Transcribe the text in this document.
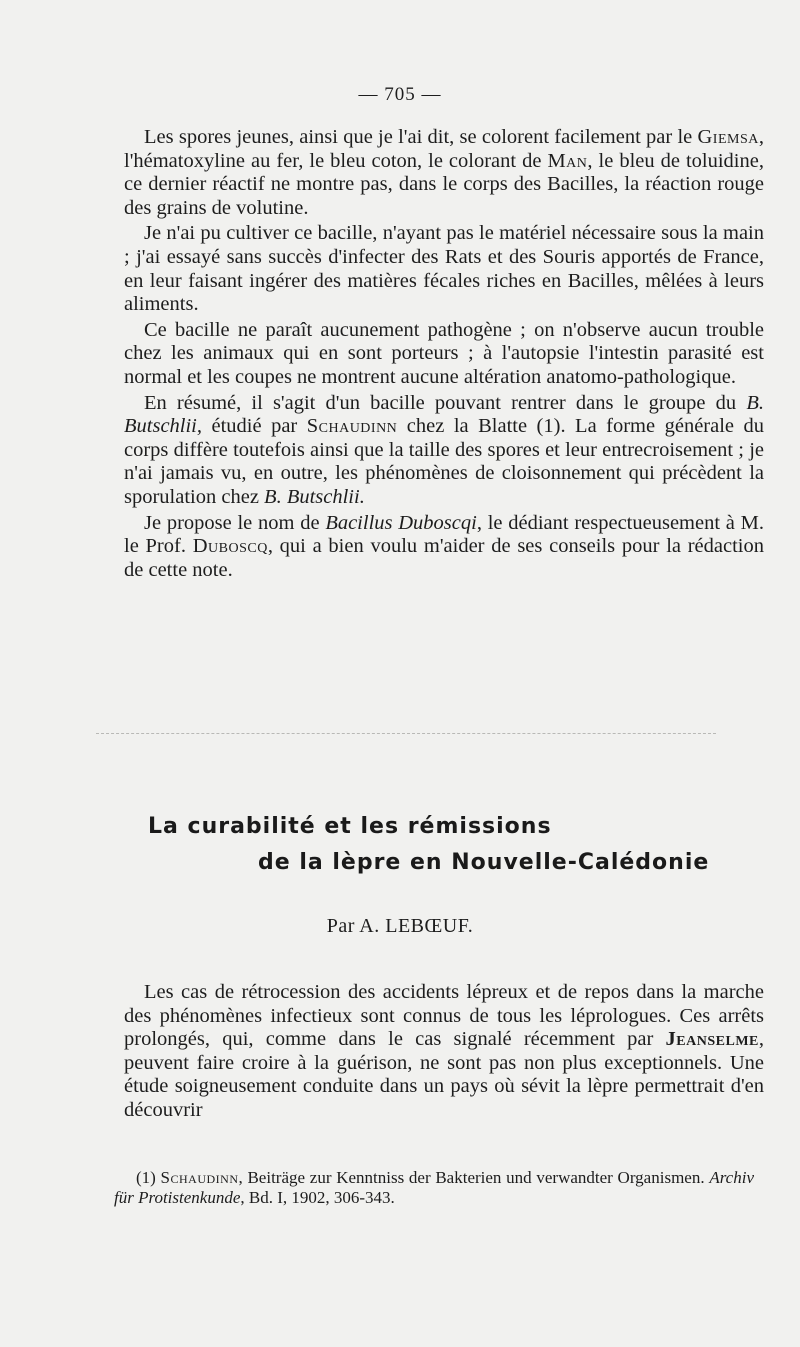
— 705 —

Les spores jeunes, ainsi que je l'ai dit, se colorent facilement par le Giemsa, l'hématoxyline au fer, le bleu coton, le colorant de Man, le bleu de toluidine, ce dernier réactif ne montre pas, dans le corps des Bacilles, la réaction rouge des grains de volutine.

Je n'ai pu cultiver ce bacille, n'ayant pas le matériel nécessaire sous la main ; j'ai essayé sans succès d'infecter des Rats et des Souris apportés de France, en leur faisant ingérer des matières fécales riches en Bacilles, mêlées à leurs aliments.

Ce bacille ne paraît aucunement pathogène ; on n'observe aucun trouble chez les animaux qui en sont porteurs ; à l'autopsie l'intestin parasité est normal et les coupes ne montrent aucune altération anatomo-pathologique.

En résumé, il s'agit d'un bacille pouvant rentrer dans le groupe du B. Butschlii, étudié par Schaudinn chez la Blatte (1). La forme générale du corps diffère toutefois ainsi que la taille des spores et leur entrecroisement ; je n'ai jamais vu, en outre, les phénomènes de cloisonnement qui précèdent la sporulation chez B. Butschlii.

Je propose le nom de Bacillus Duboscqi, le dédiant respectueusement à M. le Prof. Duboscq, qui a bien voulu m'aider de ses conseils pour la rédaction de cette note.

La curabilité et les rémissions
de la lèpre en Nouvelle-Calédonie
Par A. LEBŒUF.

Les cas de rétrocession des accidents lépreux et de repos dans la marche des phénomènes infectieux sont connus de tous les léprologues. Ces arrêts prolongés, qui, comme dans le cas signalé récemment par Jeanselme, peuvent faire croire à la guérison, ne sont pas non plus exceptionnels. Une étude soigneusement conduite dans un pays où sévit la lèpre permettrait d'en découvrir

(1) Schaudinn, Beiträge zur Kenntniss der Bakterien und verwandter Organismen. Archiv für Protistenkunde, Bd. I, 1902, 306-343.
